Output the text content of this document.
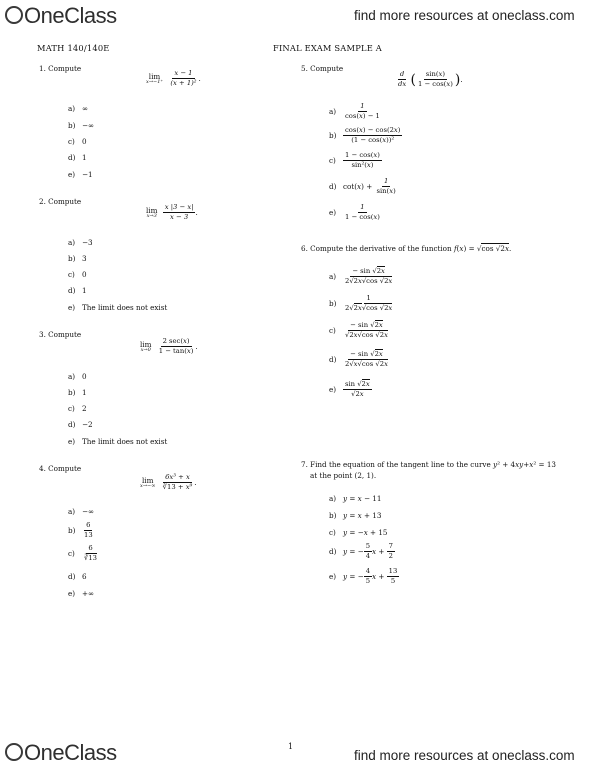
OneClass	find more resources at oneclass.com
MATH 140/140E	FINAL EXAM SAMPLE A
1. Compute
lim
x→−1⁺
$\frac{x - 1}{\text{(x + 1)²}}$ .
a) ∞
b) −∞
c) 0
d) 1
e) −1
2. Compute
lim
x→3
$\frac{x |3 - x|}{x - 3}$ .
a) −3
b) 3
c) 0
d) 1
e) The limit does not exist
3. Compute
lim
x→0
$\frac{2 \sec(x)}{1 - \tan(x)}$ .
a) 0
b) 1
c) 2
d) −2
e) The limit does not exist
4. Compute
lim
x→−∞
$\frac{\text{6x³ + x}}{\text{∛13 + x⁹}}$ .
a) −∞
$b) \frac{6}{13}$
$c) \frac{6}{∛13}$
d) 6
e) +∞
5. Compute
$\frac{d}{dx}$ ( $\frac{\sin(x)}{1 - \cos(x)}$ ).
$a) \frac{1}{\cos(x) - 1}$
$b) \frac{\cos(x) - \cos(2x)}{\text{(1 − cos(x))²}}$
$c) \frac{1 - \cos(x)}{\text{sin²(x)}}$
d) $\cot(x) + \frac{1}{\sin(x)}$
$e) \frac{1}{1 - \cos(x)}$
6. Compute the derivative of the function f(x) = √cos √2x.
$a) \frac{- \sin √2x}{2√2x√\cos √2x}$
$b) \frac{1}{2√2x√\cos √2x}$
$c) \frac{- \sin √2x}{√2x√\cos √2x}$
$d) \frac{- \sin √2x}{2√x√\cos √2x}$
$e) \frac{\sin √2x}{√2x}$
7. Find the equation of the tangent line to the curve y² + 4xy+x² = 13
at the point (2, 1).
a) y = x − 11
b) y = x + 13
c) y = −x + 15
d) y = − $\frac{5}{4}$ $x + \frac{7}{2}$
e) y = − $\frac{4}{5}$ $x + \frac{13}{5}$
1
OneClass	find more resources at oneclass.com
